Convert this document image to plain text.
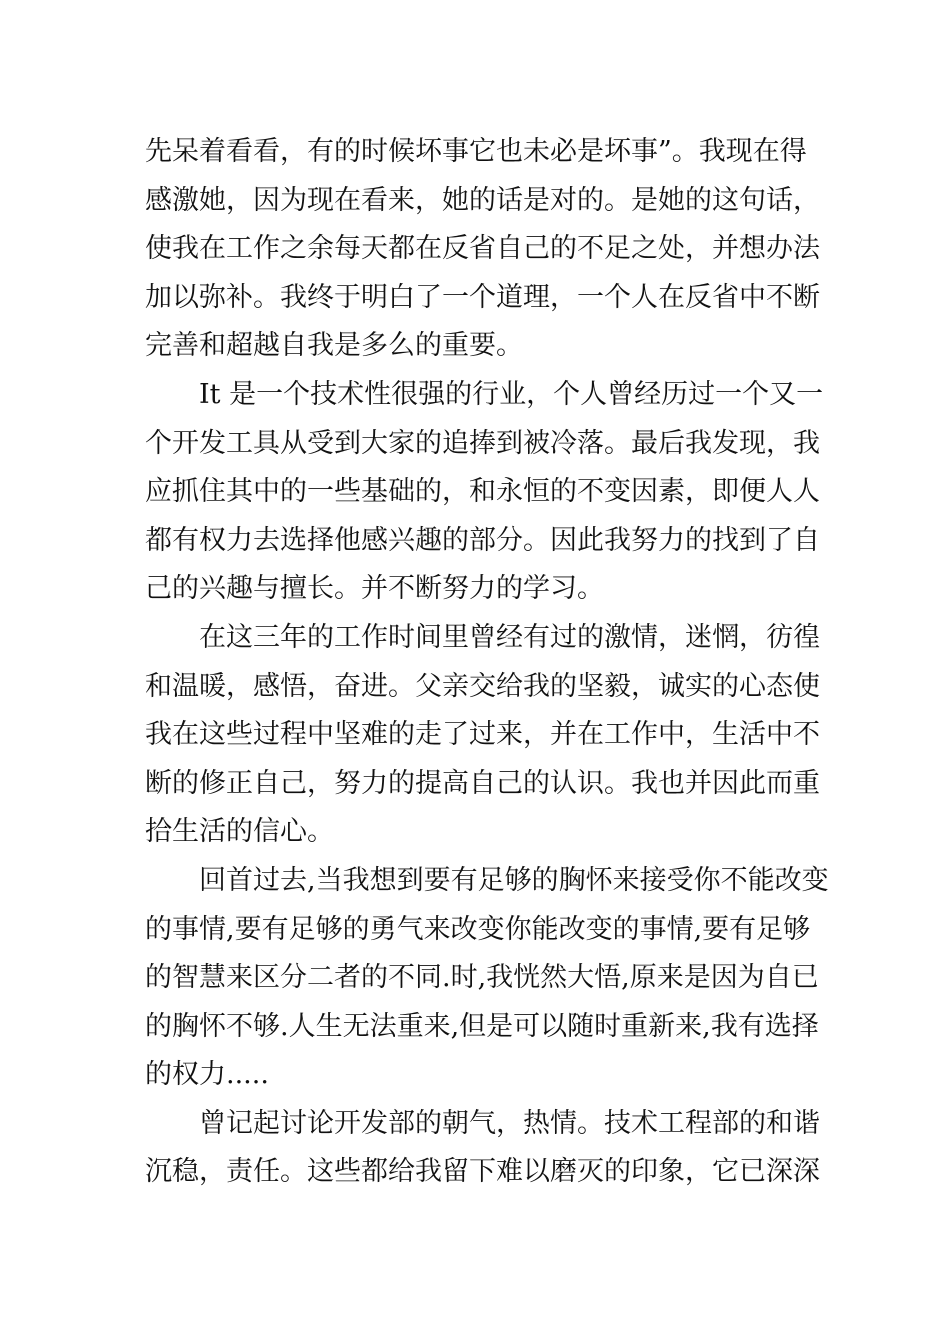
先呆着看看，有的时候坏事它也未必是坏事”。我现在得
感激她，因为现在看来，她的话是对的。是她的这句话，
使我在工作之余每天都在反省自己的不足之处，并想办法
加以弥补。我终于明白了一个道理，一个人在反省中不断
完善和超越自我是多么的重要。
It 是一个技术性很强的行业，个人曾经历过一个又一
个开发工具从受到大家的追捧到被冷落。最后我发现，我
应抓住其中的一些基础的，和永恒的不变因素，即便人人
都有权力去选择他感兴趣的部分。因此我努力的找到了自
己的兴趣与擅长。并不断努力的学习。
在这三年的工作时间里曾经有过的激情，迷惘，彷徨
和温暖，感悟，奋进。父亲交给我的坚毅，诚实的心态使
我在这些过程中坚难的走了过来，并在工作中，生活中不
断的修正自己，努力的提高自己的认识。我也并因此而重
拾生活的信心。
回首过去,当我想到要有足够的胸怀来接受你不能改变
的事情,要有足够的勇气来改变你能改变的事情,要有足够
的智慧来区分二者的不同.时,我恍然大悟,原来是因为自已
的胸怀不够.人生无法重来,但是可以随时重新来,我有选择
的权力.....
曾记起讨论开发部的朝气，热情。技术工程部的和谐
沉稳，责任。这些都给我留下难以磨灭的印象，它已深深
